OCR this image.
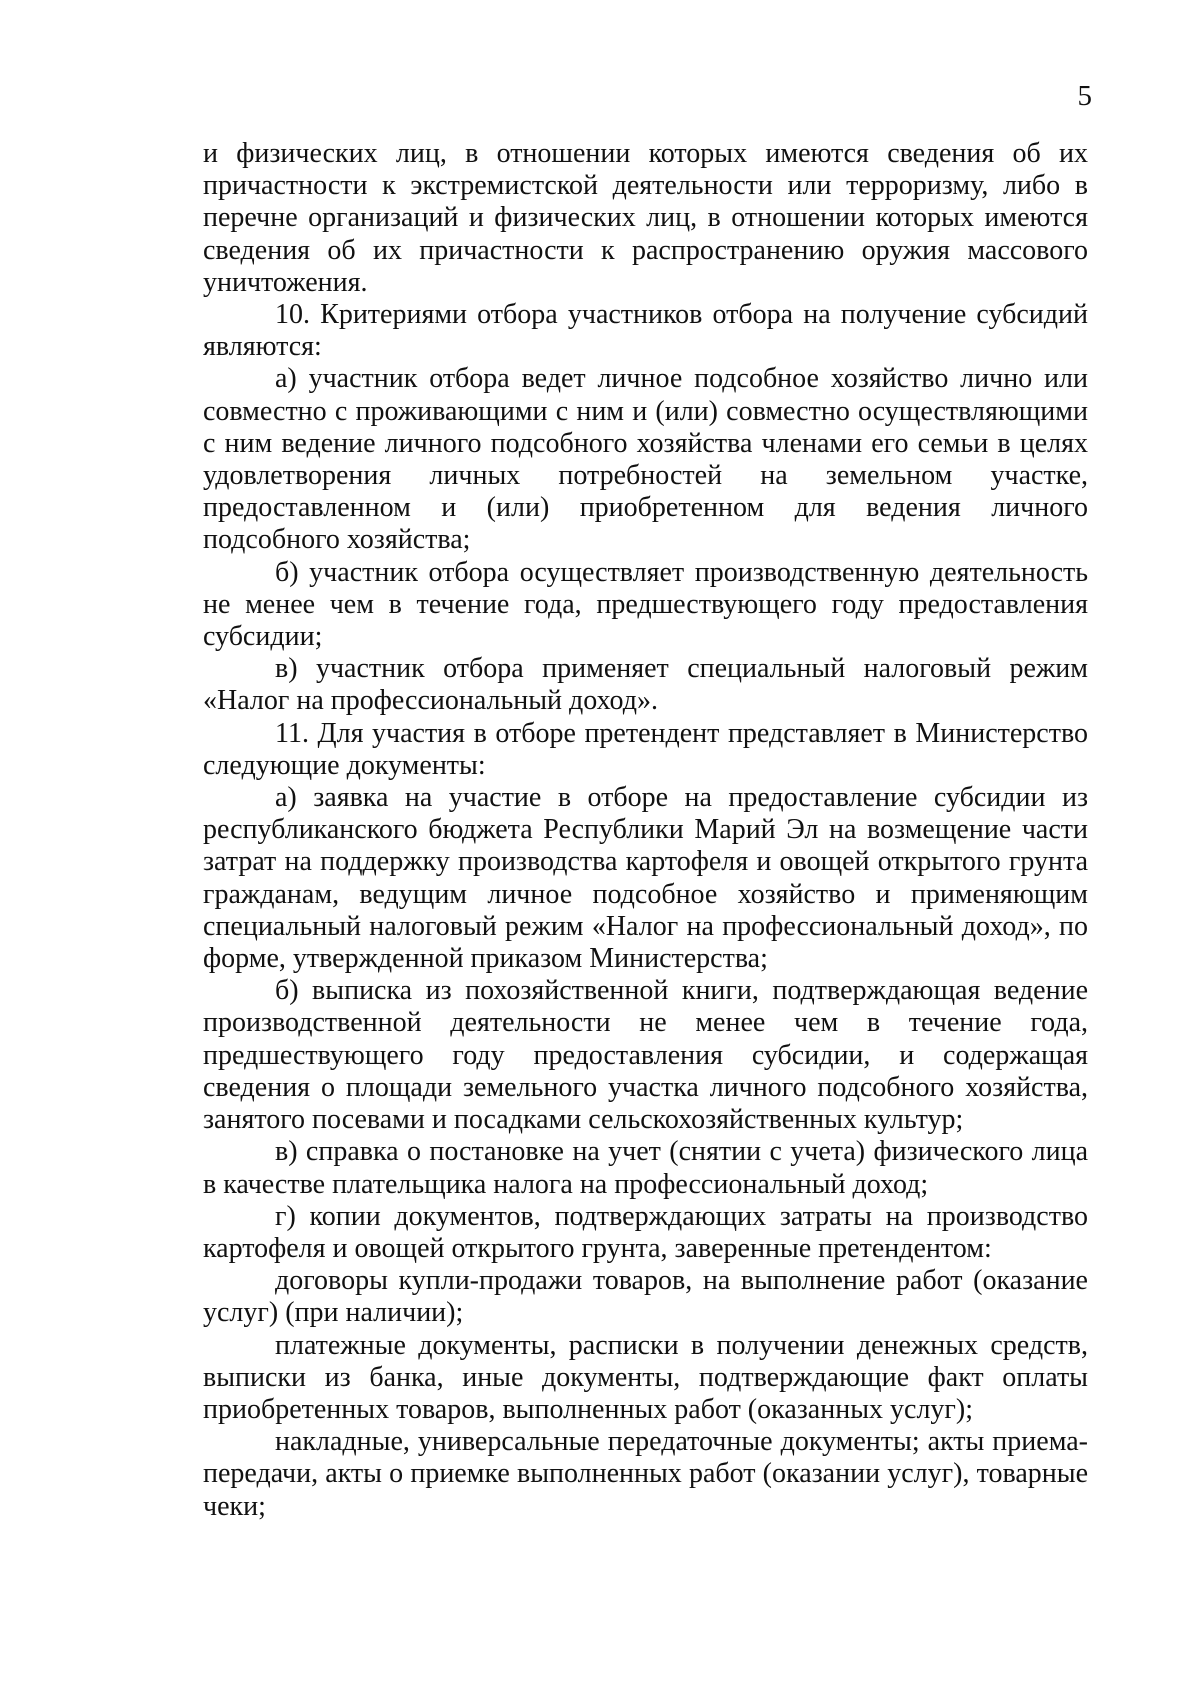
5

и физических лиц, в отношении которых имеются сведения об их причастности к экстремистской деятельности или терроризму, либо в перечне организаций и физических лиц, в отношении которых имеются сведения об их причастности к распространению оружия массового уничтожения.

10. Критериями отбора участников отбора на получение субсидий являются:

а) участник отбора ведет личное подсобное хозяйство лично или совместно с проживающими с ним и (или) совместно осуществляющими с ним ведение личного подсобного хозяйства членами его семьи в целях удовлетворения личных потребностей на земельном участке, предоставленном и (или) приобретенном для ведения личного подсобного хозяйства;

б) участник отбора осуществляет производственную деятельность не менее чем в течение года, предшествующего году предоставления субсидии;

в) участник отбора применяет специальный налоговый режим «Налог на профессиональный доход».

11. Для участия в отборе претендент представляет в Министерство следующие документы:

а) заявка на участие в отборе на предоставление субсидии из республиканского бюджета Республики Марий Эл на возмещение части затрат на поддержку производства картофеля и овощей открытого грунта гражданам, ведущим личное подсобное хозяйство и применяющим специальный налоговый режим «Налог на профессиональный доход», по форме, утвержденной приказом Министерства;

б) выписка из похозяйственной книги, подтверждающая ведение производственной деятельности не менее чем в течение года, предшествующего году предоставления субсидии, и содержащая сведения о площади земельного участка личного подсобного хозяйства, занятого посевами и посадками сельскохозяйственных культур;

в) справка о постановке на учет (снятии с учета) физического лица в качестве плательщика налога на профессиональный доход;

г) копии документов, подтверждающих затраты на производство картофеля и овощей открытого грунта, заверенные претендентом:

договоры купли-продажи товаров, на выполнение работ (оказание услуг) (при наличии);

платежные документы, расписки в получении денежных средств, выписки из банка, иные документы, подтверждающие факт оплаты приобретенных товаров, выполненных работ (оказанных услуг);

накладные, универсальные передаточные документы; акты приема-передачи, акты о приемке выполненных работ (оказании услуг), товарные чеки;
